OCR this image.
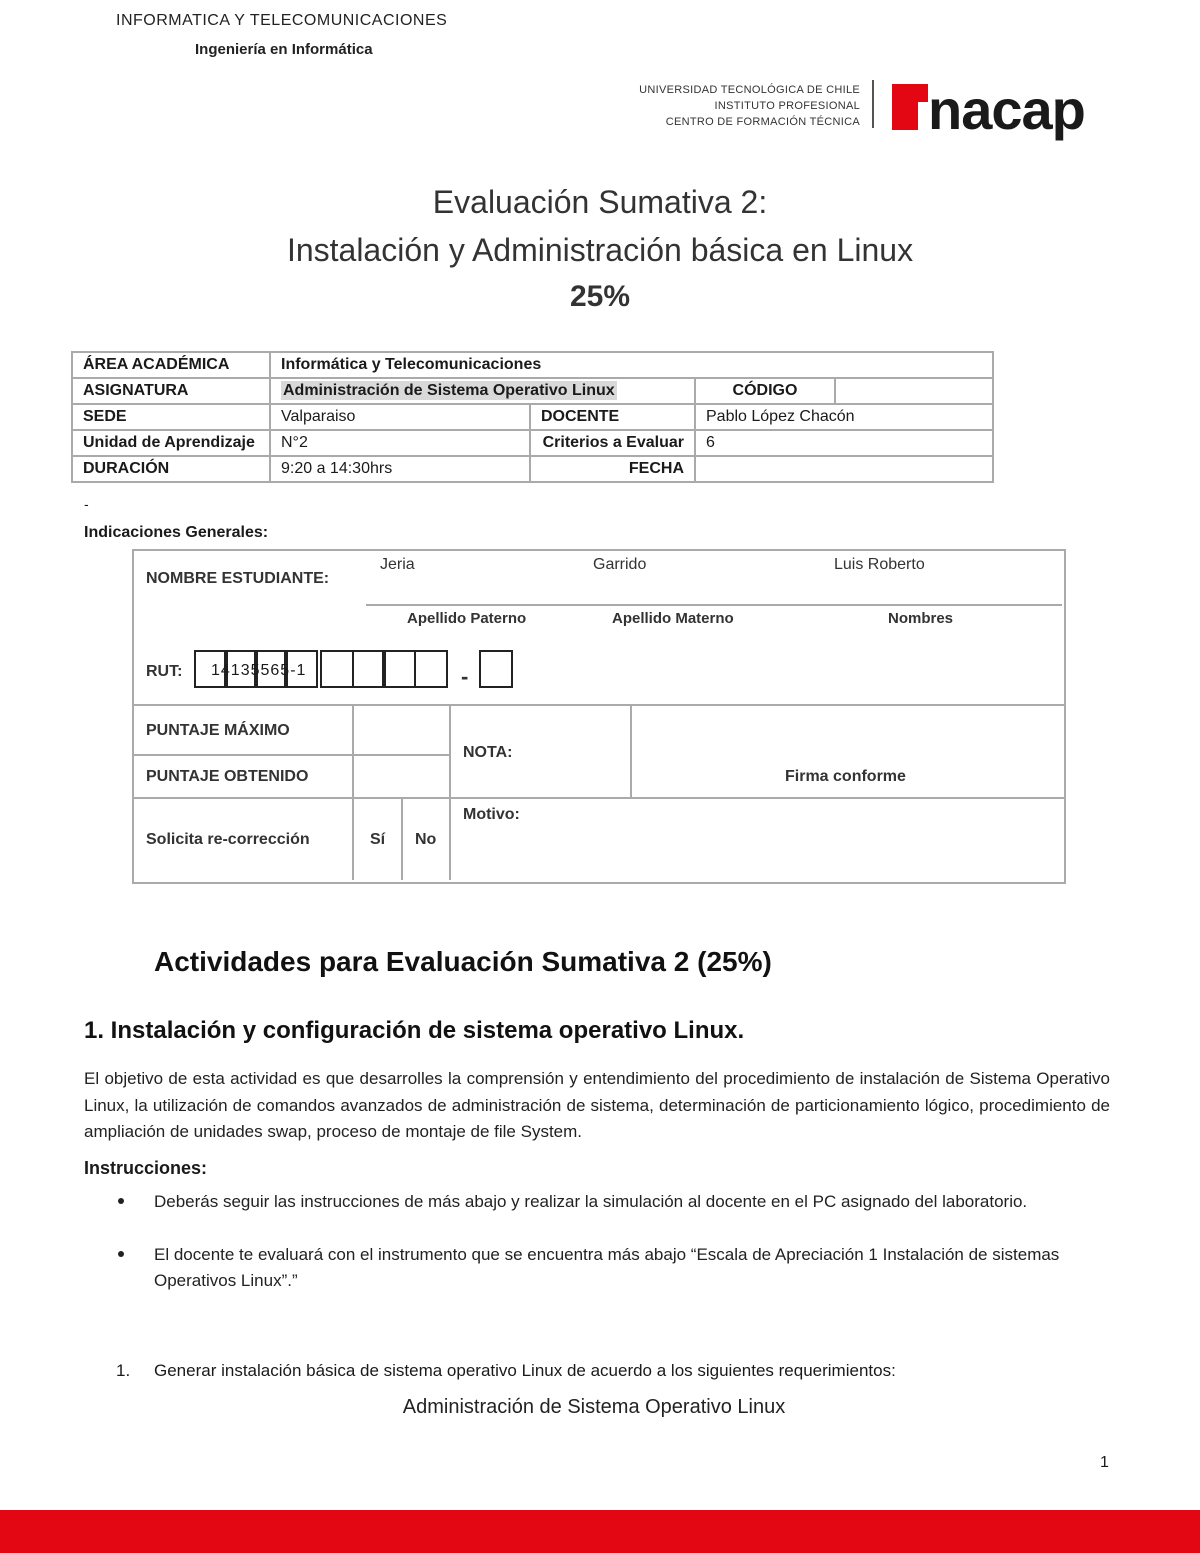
INFORMATICA Y TELECOMUNICACIONES
Ingeniería en Informática
UNIVERSIDAD TECNOLÓGICA DE CHILE
INSTITUTO PROFESIONAL
CENTRO DE FORMACIÓN TÉCNICA nacap
Evaluación Sumativa 2:
Instalación y Administración básica en Linux
25%
ÁREA ACADÉMICA	Informática y Telecomunicaciones			
ASIGNATURA	Administración de Sistema Operativo Linux		CÓDIGO	
SEDE	Valparaiso	DOCENTE	Pablo López Chacón	
Unidad de Aprendizaje	N°2	Criterios a Evaluar	6	
DURACIÓN	9:20 a 14:30hrs	FECHA		
-
Indicaciones Generales:
NOMBRE ESTUDIANTE:
Jeria	Garrido	Luis Roberto
Apellido Paterno	Apellido Materno	Nombres
RUT: 14135565-1	-
PUNTAJE MÁXIMO
PUNTAJE OBTENIDO
NOTA:
Firma conforme
Solicita re-corrección	Sí No
Motivo:
Actividades para Evaluación Sumativa 2 (25%)
1. Instalación y configuración de sistema operativo Linux.
El objetivo de esta actividad es que desarrolles la comprensión y entendimiento del procedimiento de instalación de Sistema Operativo Linux, la utilización de comandos avanzados de administración de sistema, determinación de particionamiento lógico, procedimiento de ampliación de unidades swap, proceso de montaje de file System.
Instrucciones:
Deberás seguir las instrucciones de más abajo y realizar la simulación al docente en el PC asignado del laboratorio.
El docente te evaluará con el instrumento que se encuentra más abajo “Escala de Apreciación 1 Instalación de sistemas Operativos Linux”.”
1. Generar instalación básica de sistema operativo Linux de acuerdo a los siguientes requerimientos:
Administración de Sistema Operativo Linux
1
